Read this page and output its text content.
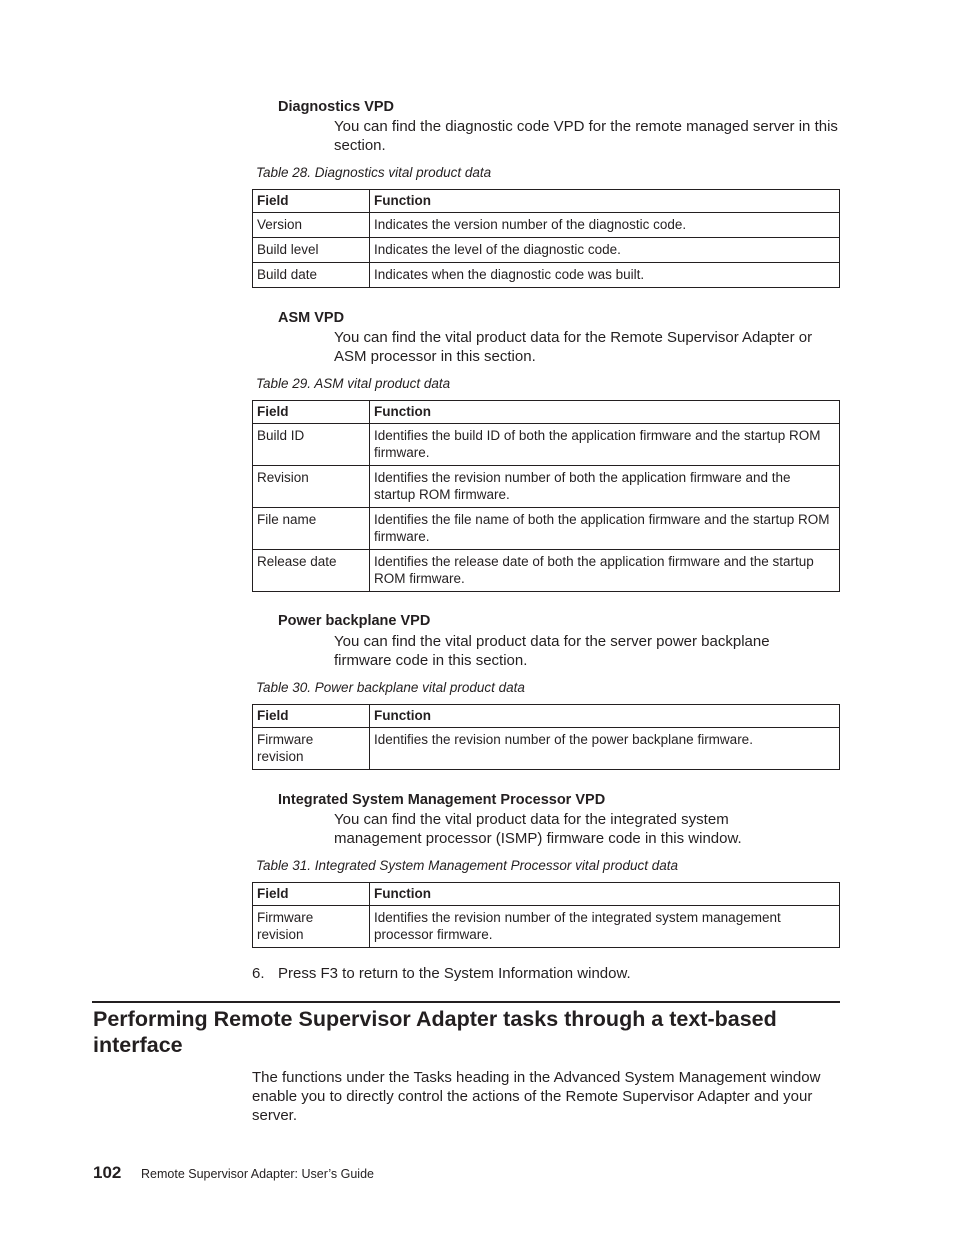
Diagnostics VPD
You can find the diagnostic code VPD for the remote managed server in this section.
Table 28. Diagnostics vital product data
Field	Function
Version	Indicates the version number of the diagnostic code.
Build level	Indicates the level of the diagnostic code.
Build date	Indicates when the diagnostic code was built.
ASM VPD
You can find the vital product data for the Remote Supervisor Adapter or ASM processor in this section.
Table 29. ASM vital product data
Field	Function
Build ID	Identifies the build ID of both the application firmware and the startup ROM firmware.
Revision	Identifies the revision number of both the application firmware and the startup ROM firmware.
File name	Identifies the file name of both the application firmware and the startup ROM firmware.
Release date	Identifies the release date of both the application firmware and the startup ROM firmware.
Power backplane VPD
You can find the vital product data for the server power backplane firmware code in this section.
Table 30. Power backplane vital product data
Field	Function
Firmware revision	Identifies the revision number of the power backplane firmware.
Integrated System Management Processor VPD
You can find the vital product data for the integrated system management processor (ISMP) firmware code in this window.
Table 31. Integrated System Management Processor vital product data
Field	Function
Firmware revision	Identifies the revision number of the integrated system management processor firmware.
6. Press F3 to return to the System Information window.
Performing Remote Supervisor Adapter tasks through a text-based interface
The functions under the Tasks heading in the Advanced System Management window enable you to directly control the actions of the Remote Supervisor Adapter and your server.
102 Remote Supervisor Adapter: User’s Guide
